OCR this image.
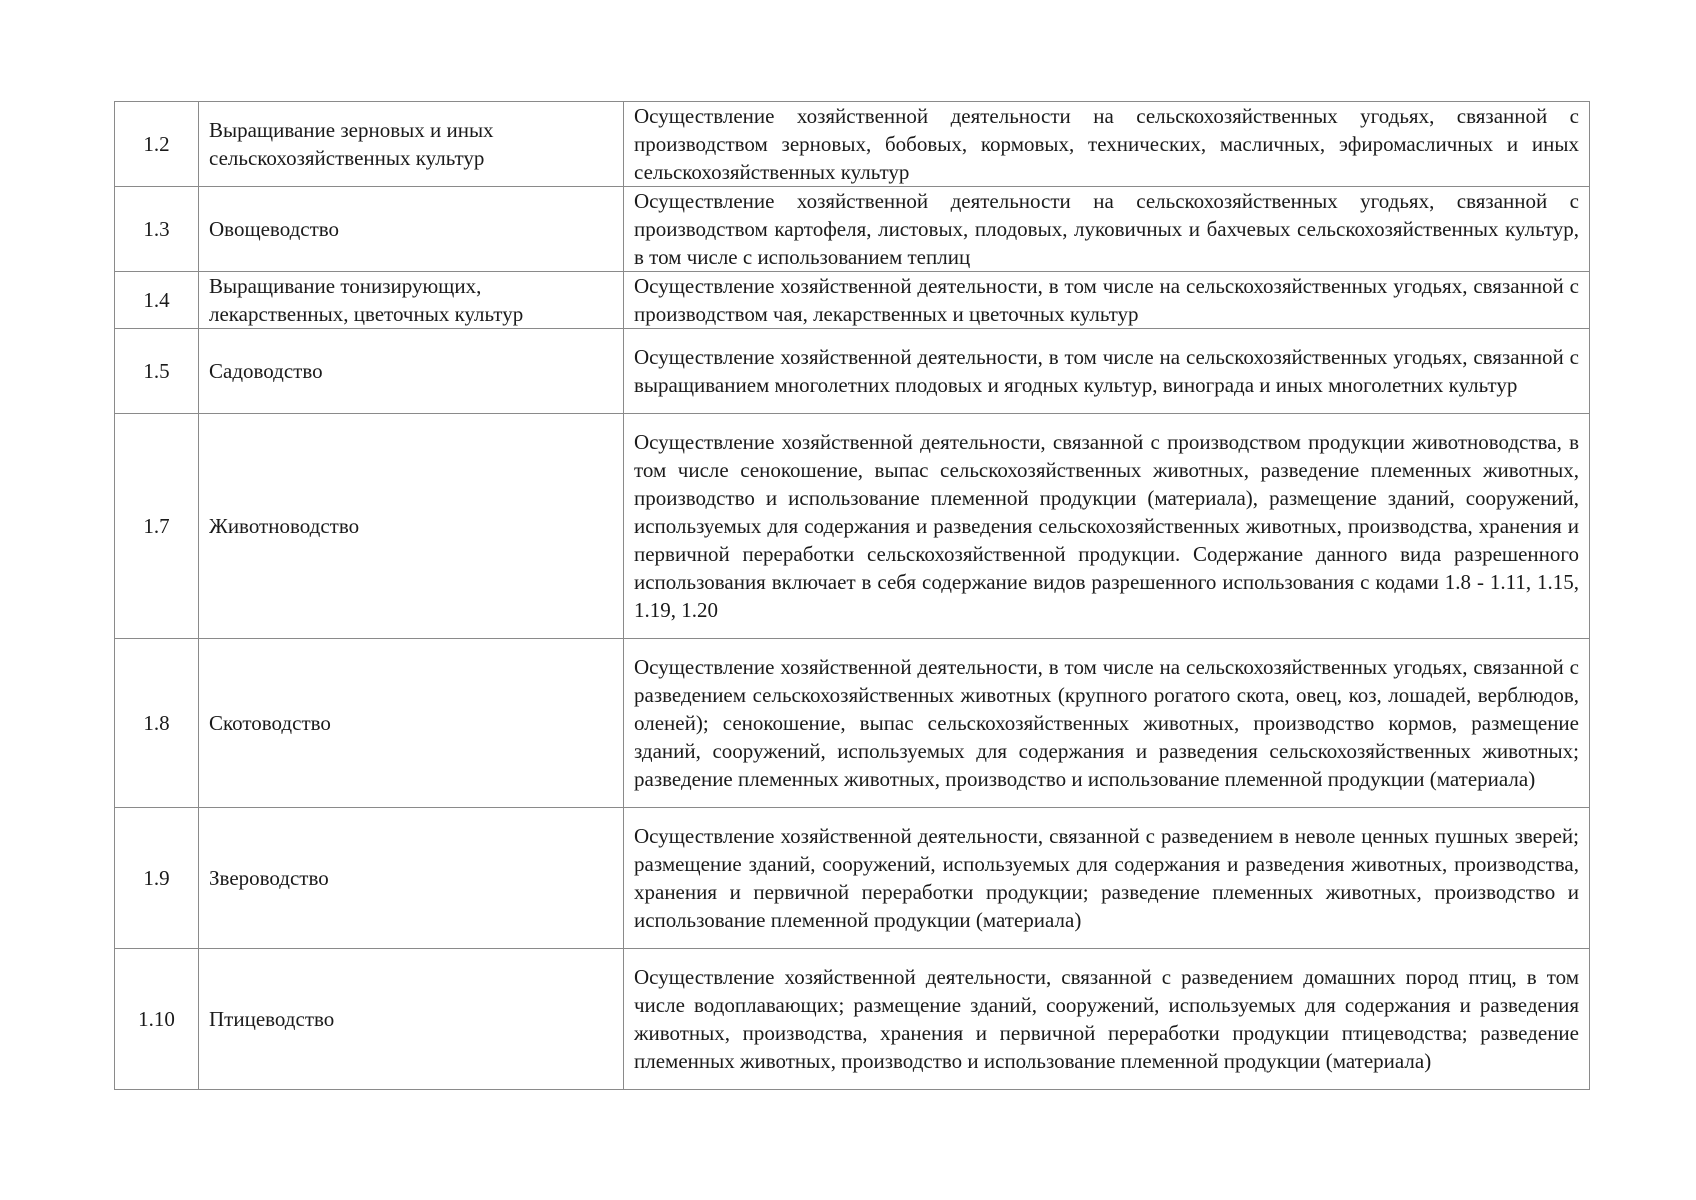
1.2	Выращивание зерновых и иных сельскохозяйственных культур	Осуществление хозяйственной деятельности на сельскохозяйственных угодьях, связанной с производством зерновых, бобовых, кормовых, технических, масличных, эфиромасличных и иных сельскохозяйственных культур
1.3	Овощеводство	Осуществление хозяйственной деятельности на сельскохозяйственных угодьях, связанной с производством картофеля, листовых, плодовых, луковичных и бахчевых сельскохозяйственных культур, в том числе с использованием теплиц
1.4	Выращивание тонизирующих, лекарственных, цветочных культур	Осуществление хозяйственной деятельности, в том числе на сельскохозяйственных угодьях, связанной с производством чая, лекарственных и цветочных культур
1.5	Садоводство	Осуществление хозяйственной деятельности, в том числе на сельскохозяйственных угодьях, связанной с выращиванием многолетних плодовых и ягодных культур, винограда и иных многолетних культур
1.7	Животноводство	Осуществление хозяйственной деятельности, связанной с производством продукции животноводства, в том числе сенокошение, выпас сельскохозяйственных животных, разведение племенных животных, производство и использование племенной продукции (материала), размещение зданий, сооружений, используемых для содержания и разведения сельскохозяйственных животных, производства, хранения и первичной переработки сельскохозяйственной продукции. Содержание данного вида разрешенного использования включает в себя содержание видов разрешенного использования с кодами 1.8 - 1.11, 1.15, 1.19, 1.20
1.8	Скотоводство	Осуществление хозяйственной деятельности, в том числе на сельскохозяйственных угодьях, связанной с разведением сельскохозяйственных животных (крупного рогатого скота, овец, коз, лошадей, верблюдов, оленей); сенокошение, выпас сельскохозяйственных животных, производство кормов, размещение зданий, сооружений, используемых для содержания и разведения сельскохозяйственных животных; разведение племенных животных, производство и использование племенной продукции (материала)
1.9	Звероводство	Осуществление хозяйственной деятельности, связанной с разведением в неволе ценных пушных зверей; размещение зданий, сооружений, используемых для содержания и разведения животных, производства, хранения и первичной переработки продукции; разведение племенных животных, производство и использование племенной продукции (материала)
1.10	Птицеводство	Осуществление хозяйственной деятельности, связанной с разведением домашних пород птиц, в том числе водоплавающих; размещение зданий, сооружений, используемых для содержания и разведения животных, производства, хранения и первичной переработки продукции птицеводства; разведение племенных животных, производство и использование племенной продукции (материала)
